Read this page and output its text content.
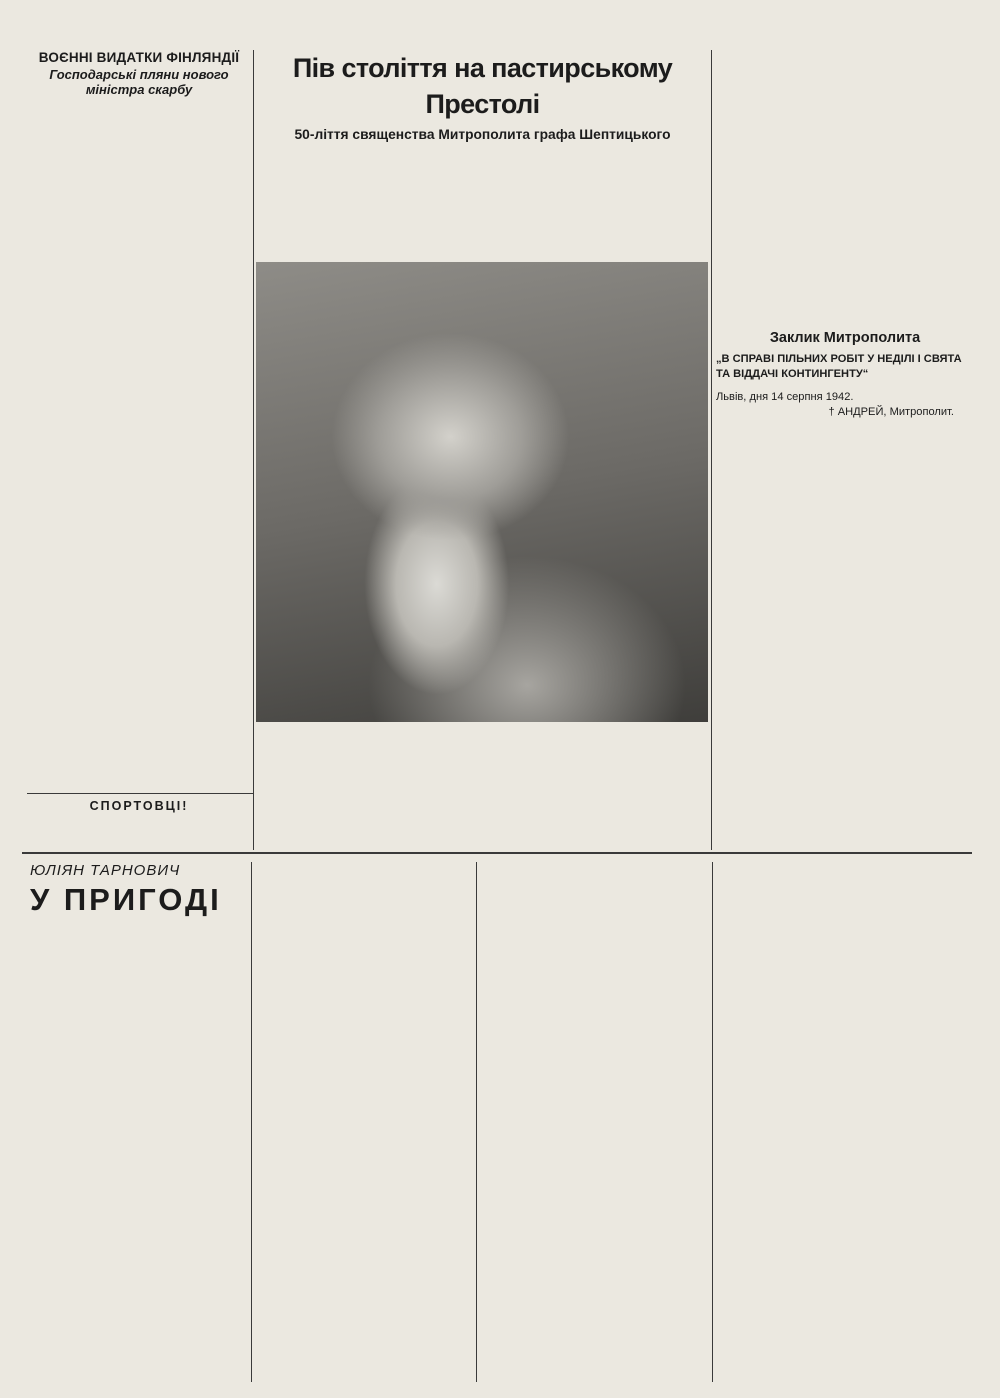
ВОЄННІ ВИДАТКИ ФІНЛЯНДІЇ
Господарські пляни нового міністра скарбу
СПОРТОВЦІ!
Пів століття на пастирському Престолі
50-ліття священства Митрополита графа Шептицького
Заклик Митрополита
„В СПРАВІ ПІЛЬНИХ РОБІТ У НЕДІЛІ І СВЯТА ТА ВІДДАЧІ КОНТИНГЕНТУ“
Львів, дня 14 серпня 1942.
† АНДРЕЙ, Митрополит.
ЮЛІЯН ТАРНОВИЧ
У ПРИГОДІ
